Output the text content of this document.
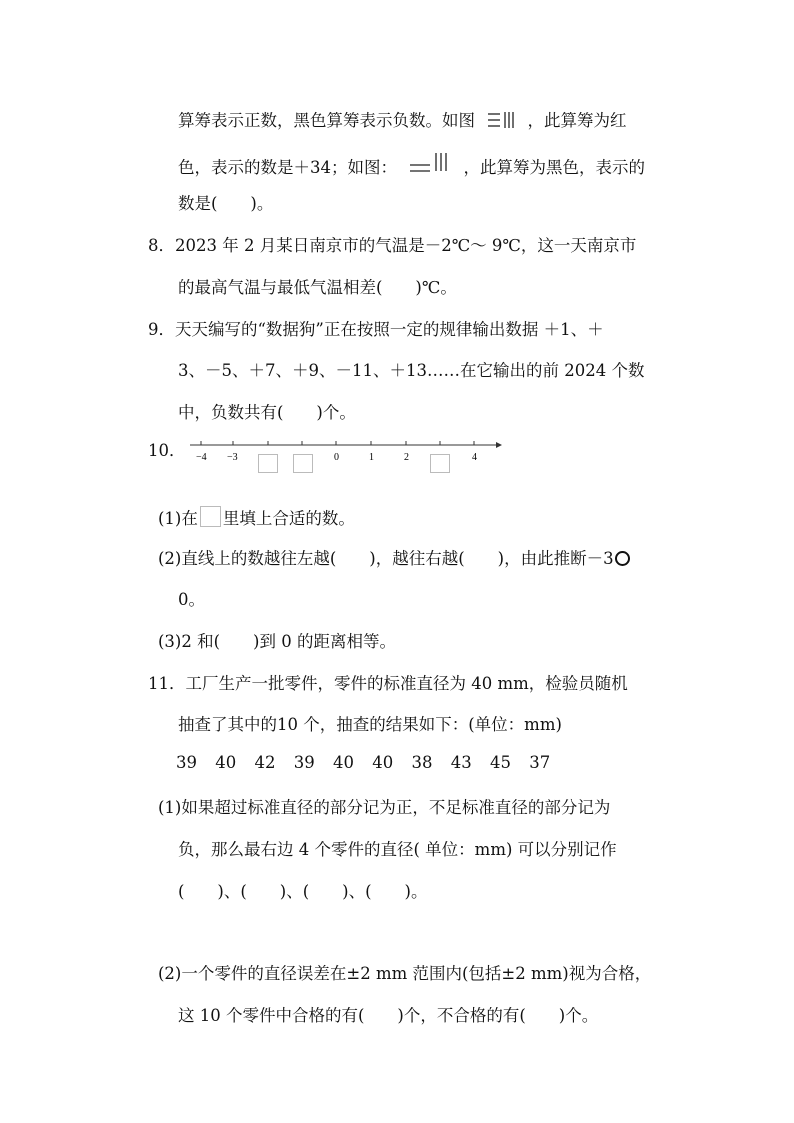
算筹表示正数，黑色算筹表示负数。如图	，此算筹为红
色，表示的数是＋34；如图：	，此算筹为黑色，表示的
数是(　　)。
8．2023 年 2 月某日南京市的气温是－2℃～ 9℃，这一天南京市
的最高气温与最低气温相差(　　)℃。
9．天天编写的“数据狗”正在按照一定的规律输出数据 ＋1、＋
3、－5、＋7、＋9、－11、＋13……在它输出的前 2024 个数
中，负数共有(　　)个。
10． −4 −3	0	1	2	4
(1)在 里填上合适的数。
(2)直线上的数越往左越(　　)，越往右越(　　)，由此推断－3
0。
(3)2 和(　　)到 0 的距离相等。
11．工厂生产一批零件，零件的标准直径为 40 mm，检验员随机
抽查了其中的10 个，抽查的结果如下：(单位：mm)
39 40 42 39 40 40 38 43 45 37
(1)如果超过标准直径的部分记为正，不足标准直径的部分记为
负，那么最右边 4 个零件的直径( 单位：mm) 可以分别记作
(　　)、(　　)、(　　)、(　　)。
(2)一个零件的直径误差在±2 mm 范围内(包括±2 mm)视为合格，
这 10 个零件中合格的有(　　)个，不合格的有(　　)个。
